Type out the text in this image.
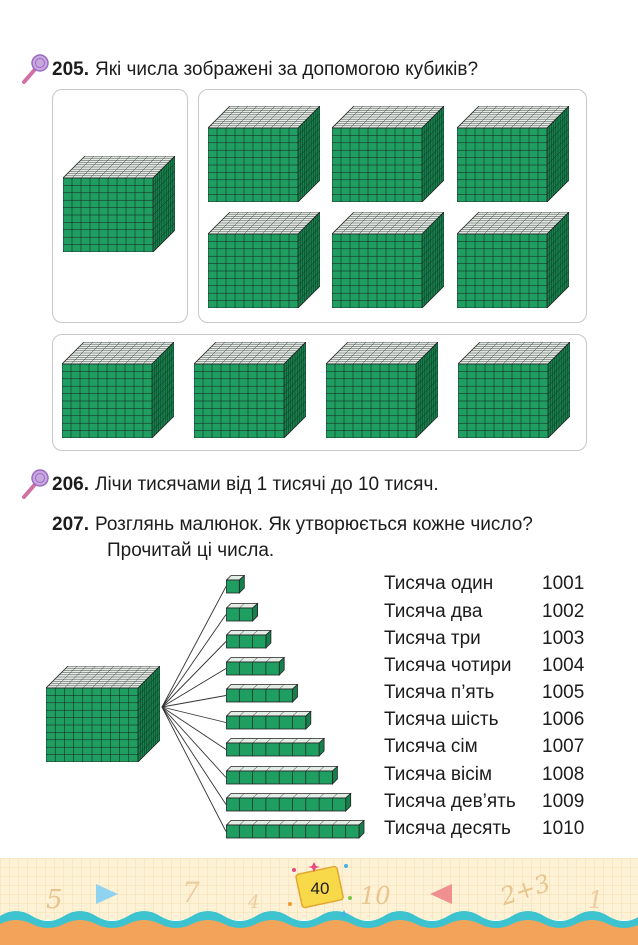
205. Які числа зображені за допомогою кубиків?
206. Лічи тисячами від 1 тисячі до 10 тисяч.
207. Розглянь малюнок. Як утворюється кожне число?
Прочитай ці числа.
Тисяча один	1001
Тисяча два	1002
Тисяча три	1003
Тисяча чотири 1004
Тисяча п’ять	1005
Тисяча шість 1006
Тисяча сім	1007
Тисяча вісім	1008
Тисяча дев’ять 1009
Тисяча десять 1010
5	7	4	10	2+3 1
40
